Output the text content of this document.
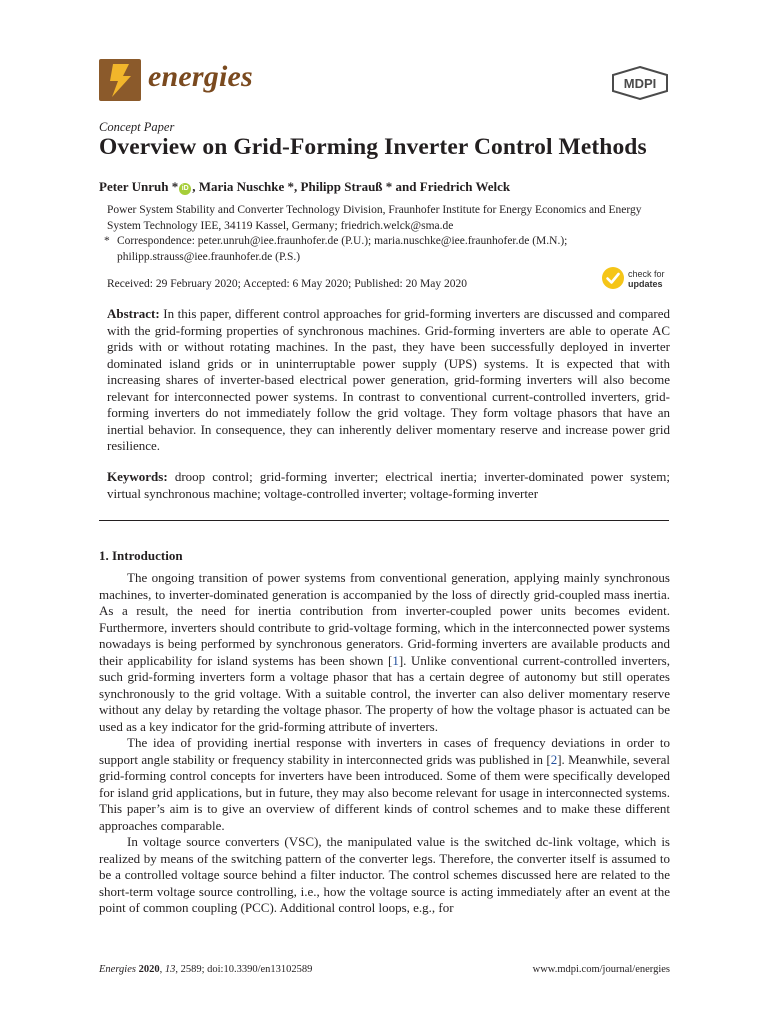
energies	MDPI
Concept Paper
Overview on Grid-Forming Inverter Control Methods
Peter Unruh * iD , Maria Nuschke *, Philipp Strauß * and Friedrich Welck
Power System Stability and Converter Technology Division, Fraunhofer Institute for Energy Economics and Energy System Technology IEE, 34119 Kassel, Germany; friedrich.welck@sma.de
* Correspondence: peter.unruh@iee.fraunhofer.de (P.U.); maria.nuschke@iee.fraunhofer.de (M.N.); philipp.strauss@iee.fraunhofer.de (P.S.)
Received: 29 February 2020; Accepted: 6 May 2020; Published: 20 May 2020
check for
updates
Abstract: In this paper, different control approaches for grid-forming inverters are discussed and compared with the grid-forming properties of synchronous machines. Grid-forming inverters are able to operate AC grids with or without rotating machines. In the past, they have been successfully deployed in inverter dominated island grids or in uninterruptable power supply (UPS) systems. It is expected that with increasing shares of inverter-based electrical power generation, grid-forming inverters will also become relevant for interconnected power systems. In contrast to conventional current-controlled inverters, grid-forming inverters do not immediately follow the grid voltage. They form voltage phasors that have an inertial behavior. In consequence, they can inherently deliver momentary reserve and increase power grid resilience.
Keywords: droop control; grid-forming inverter; electrical inertia; inverter-dominated power system; virtual synchronous machine; voltage-controlled inverter; voltage-forming inverter
1. Introduction

The ongoing transition of power systems from conventional generation, applying mainly synchronous machines, to inverter-dominated generation is accompanied by the loss of directly grid-coupled mass inertia. As a result, the need for inertia contribution from inverter-coupled power units becomes evident. Furthermore, inverters should contribute to grid-voltage forming, which in the interconnected power systems nowadays is being performed by synchronous generators. Grid-forming inverters are available products and their applicability for island systems has been shown [1]. Unlike conventional current-controlled inverters, such grid-forming inverters form a voltage phasor that has a certain degree of autonomy but still operates synchronously to the grid voltage. With a suitable control, the inverter can also deliver momentary reserve without any delay by retarding the voltage phasor. The property of how the voltage phasor is actuated can be used as a key indicator for the grid-forming attribute of inverters.

The idea of providing inertial response with inverters in cases of frequency deviations in order to support angle stability or frequency stability in interconnected grids was published in [2]. Meanwhile, several grid-forming control concepts for inverters have been introduced. Some of them were specifically developed for island grid applications, but in future, they may also become relevant for usage in interconnected systems. This paper’s aim is to give an overview of different kinds of control schemes and to make these different approaches comparable.

In voltage source converters (VSC), the manipulated value is the switched dc-link voltage, which is realized by means of the switching pattern of the converter legs. Therefore, the converter itself is assumed to be a controlled voltage source behind a filter inductor. The control schemes discussed here are related to the short-term voltage source controlling, i.e., how the voltage source is acting immediately after an event at the point of common coupling (PCC). Additional control loops, e.g., for

Energies 2020, 13, 2589; doi:10.3390/en13102589	www.mdpi.com/journal/energies
